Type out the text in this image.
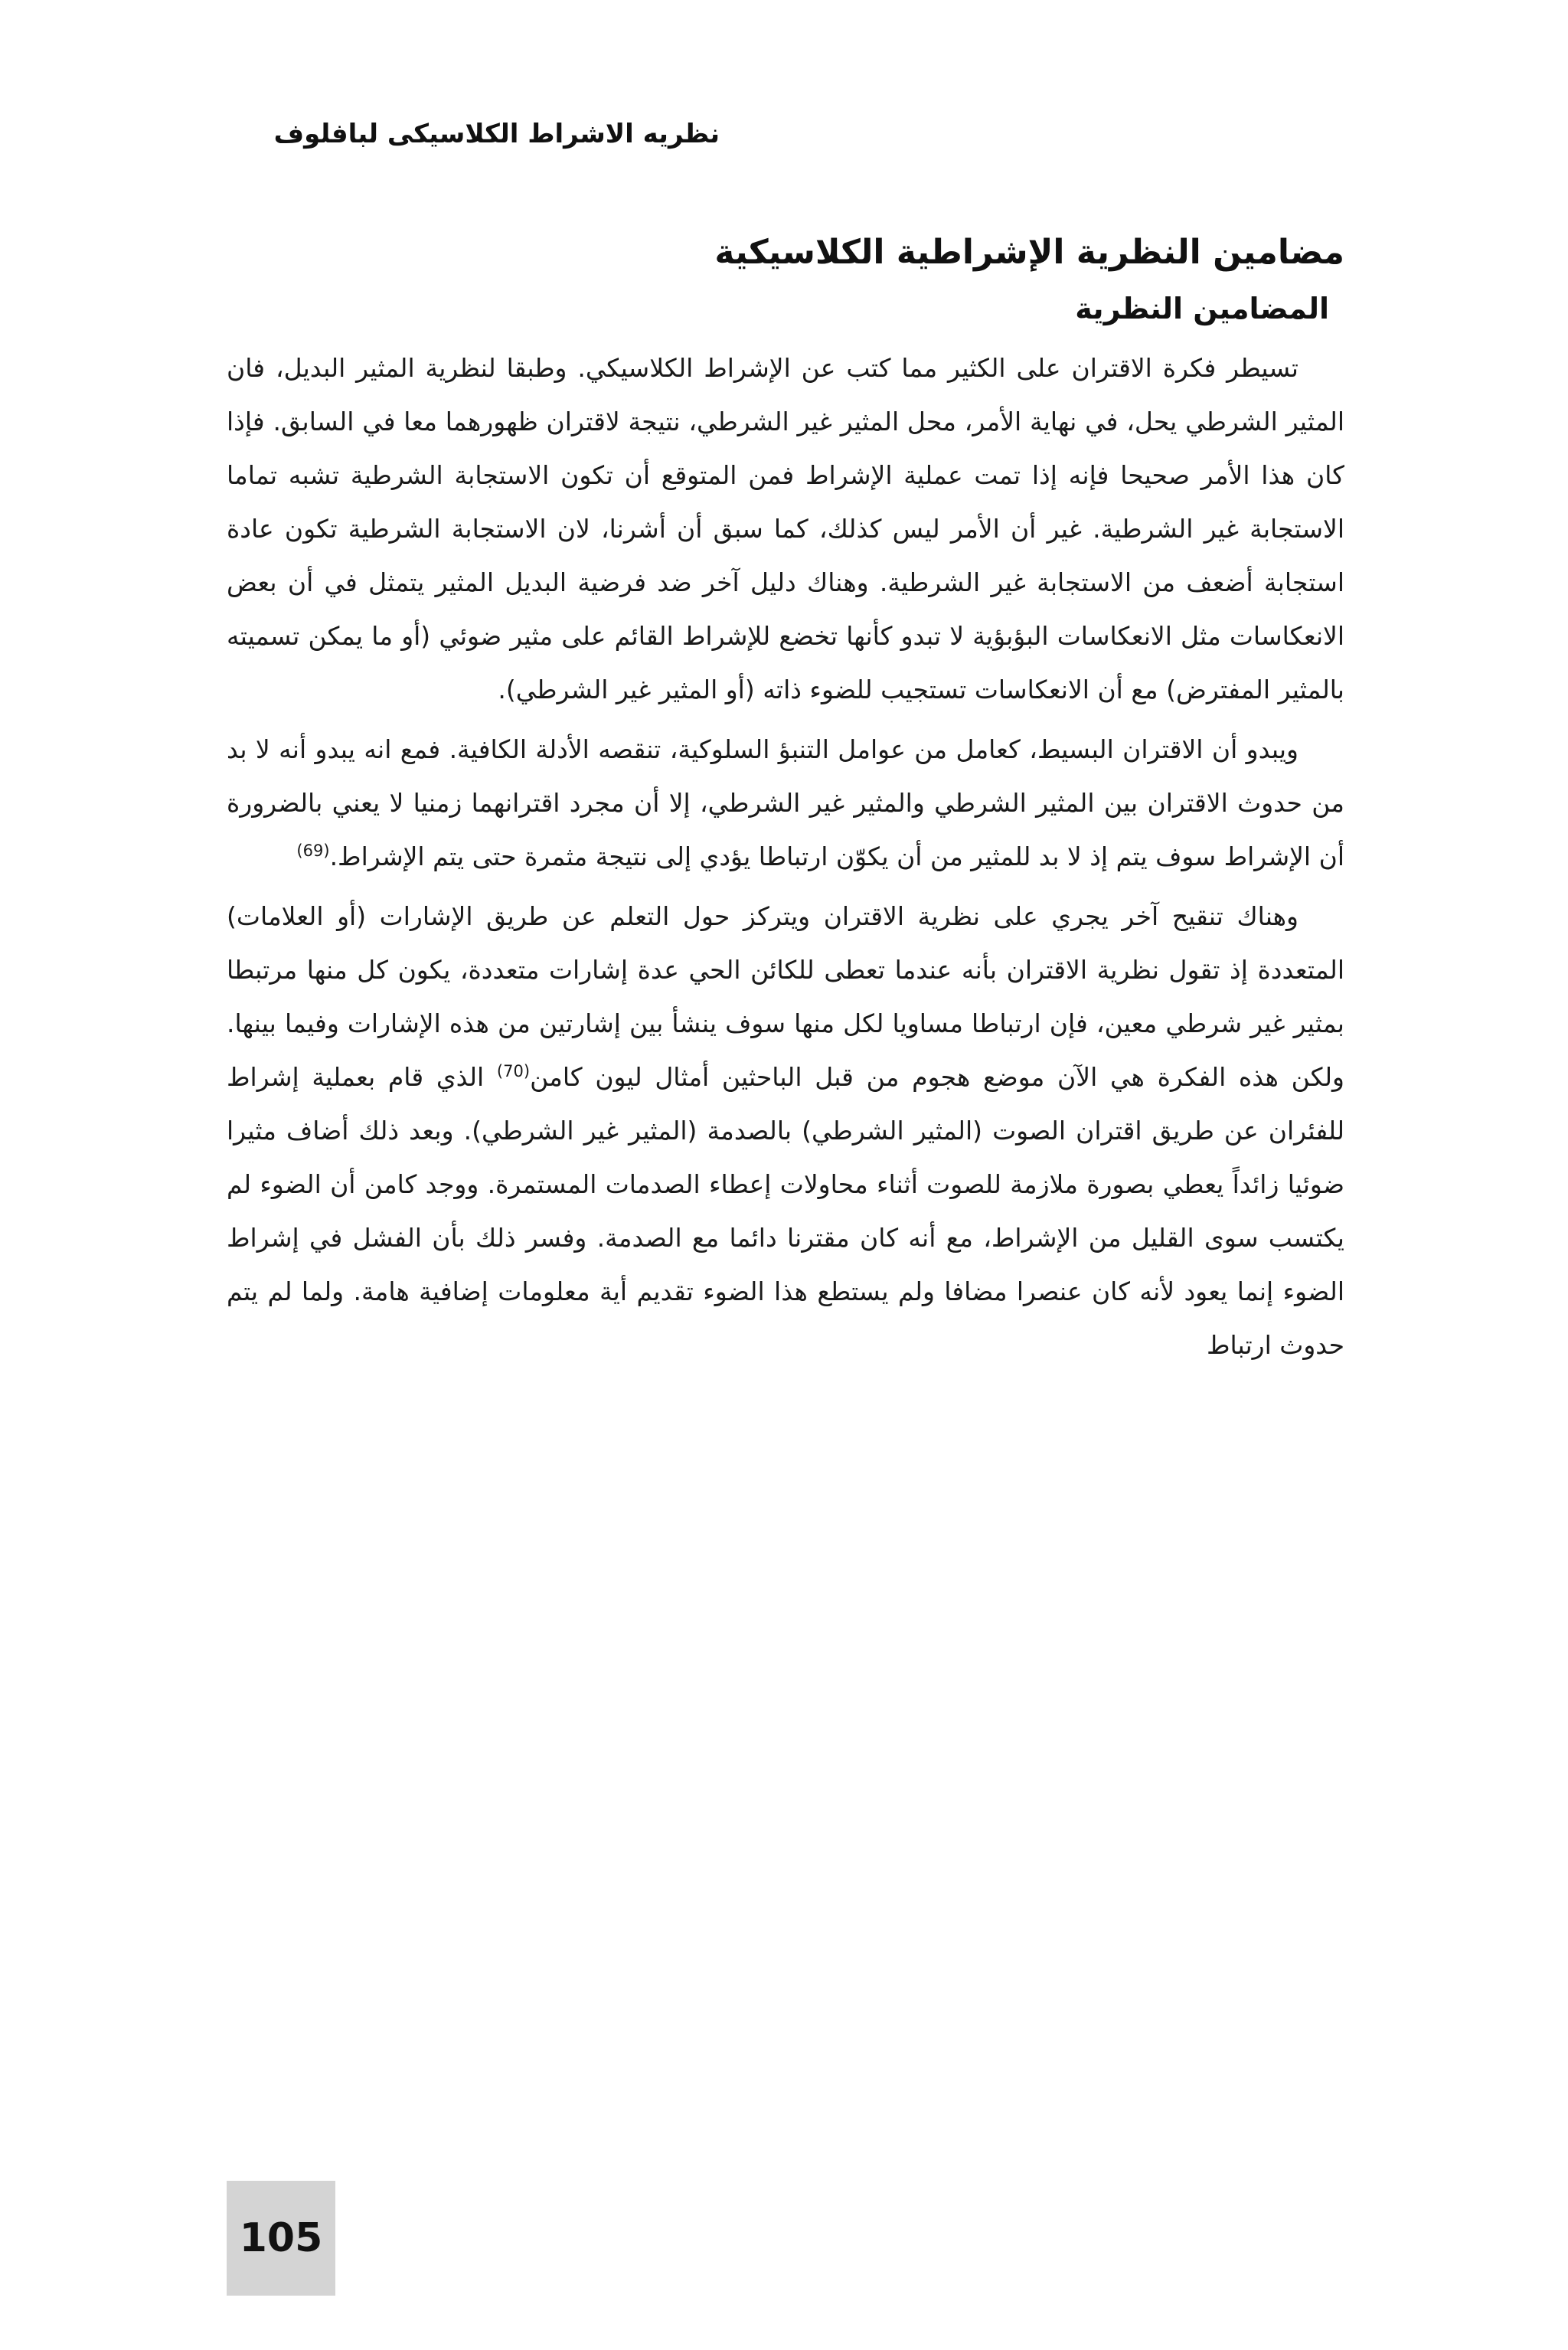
نظريه الاشراط الكلاسيكى لبافلوف
مضامين النظرية الإشراطية الكلاسيكية
المضامين النظرية

تسيطر فكرة الاقتران على الكثير مما كتب عن الإشراط الكلاسيكي. وطبقا لنظرية المثير البديل، فان المثير الشرطي يحل، في نهاية الأمر، محل المثير غير الشرطي، نتيجة لاقتران ظهورهما معا في السابق. فإذا كان هذا الأمر صحيحا فإنه إذا تمت عملية الإشراط فمن المتوقع أن تكون الاستجابة الشرطية تشبه تماما الاستجابة غير الشرطية. غير أن الأمر ليس كذلك، كما سبق أن أشرنا، لان الاستجابة الشرطية تكون عادة استجابة أضعف من الاستجابة غير الشرطية. وهناك دليل آخر ضد فرضية البديل المثير يتمثل في أن بعض الانعكاسات مثل الانعكاسات البؤبؤية لا تبدو كأنها تخضع للإشراط القائم على مثير ضوئي (أو ما يمكن تسميته بالمثير المفترض) مع أن الانعكاسات تستجيب للضوء ذاته (أو المثير غير الشرطي).

ويبدو أن الاقتران البسيط، كعامل من عوامل التنبؤ السلوكية، تنقصه الأدلة الكافية. فمع انه يبدو أنه لا بد من حدوث الاقتران بين المثير الشرطي والمثير غير الشرطي، إلا أن مجرد اقترانهما زمنيا لا يعني بالضرورة أن الإشراط سوف يتم إذ لا بد للمثير من أن يكوّن ارتباطا يؤدي إلى نتيجة مثمرة حتى يتم الإشراط.$^{(69)}$

وهناك تنقيح آخر يجري على نظرية الاقتران ويتركز حول التعلم عن طريق الإشارات (أو العلامات) المتعددة إذ تقول نظرية الاقتران بأنه عندما تعطى للكائن الحي عدة إشارات متعددة، يكون كل منها مرتبطا بمثير غير شرطي معين، فإن ارتباطا مساويا لكل منها سوف ينشأ بين إشارتين من هذه الإشارات وفيما بينها. ولكن هذه الفكرة هي الآن موضع هجوم من قبل الباحثين أمثال ليون كامن$^{(70)}$ الذي قام بعملية إشراط للفئران عن طريق اقتران الصوت (المثير الشرطي) بالصدمة (المثير غير الشرطي). وبعد ذلك أضاف مثيرا ضوئيا زائداً يعطي بصورة ملازمة للصوت أثناء محاولات إعطاء الصدمات المستمرة. ووجد كامن أن الضوء لم يكتسب سوى القليل من الإشراط، مع أنه كان مقترنا دائما مع الصدمة. وفسر ذلك بأن الفشل في إشراط الضوء إنما يعود لأنه كان عنصرا مضافا ولم يستطع هذا الضوء تقديم أية معلومات إضافية هامة. ولما لم يتم حدوث ارتباط

105
